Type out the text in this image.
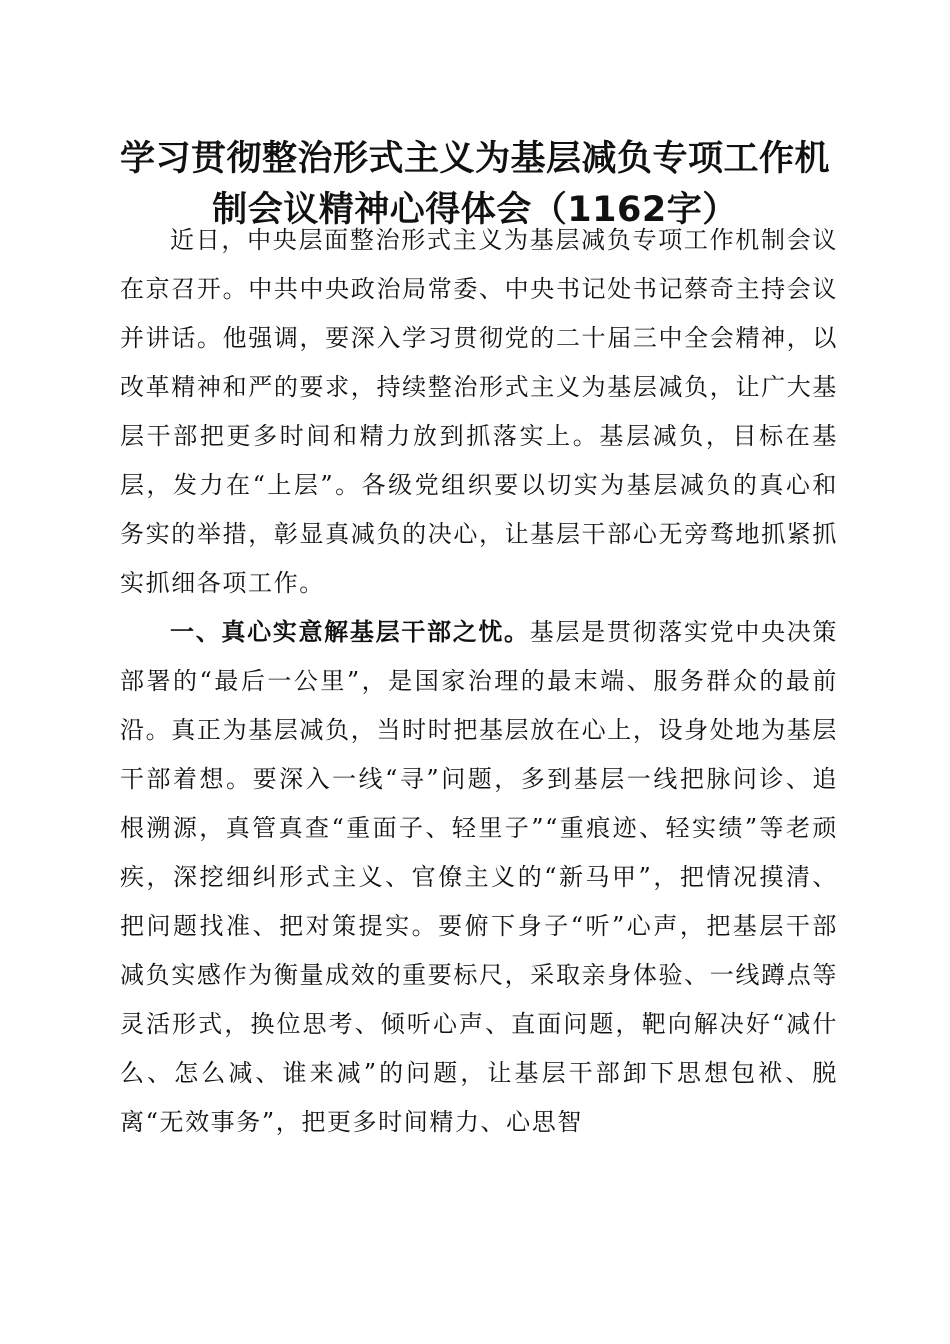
学习贯彻整治形式主义为基层减负专项工作机
制会议精神心得体会（1162字）

近日，中央层面整治形式主义为基层减负专项工作机制会议在京召开。中共中央政治局常委、中央书记处书记蔡奇主持会议并讲话。他强调，要深入学习贯彻党的二十届三中全会精神，以改革精神和严的要求，持续整治形式主义为基层减负，让广大基层干部把更多时间和精力放到抓落实上。基层减负，目标在基层，发力在“上层”。各级党组织要以切实为基层减负的真心和务实的举措，彰显真减负的决心，让基层干部心无旁骛地抓紧抓实抓细各项工作。

一、真心实意解基层干部之忧。基层是贯彻落实党中央决策部署的“最后一公里”，是国家治理的最末端、服务群众的最前沿。真正为基层减负，当时时把基层放在心上，设身处地为基层干部着想。要深入一线“寻”问题，多到基层一线把脉问诊、追根溯源，真管真查“重面子、轻里子”“重痕迹、轻实绩”等老顽疾，深挖细纠形式主义、官僚主义的“新马甲”，把情况摸清、把问题找准、把对策提实。要俯下身子“听”心声，把基层干部减负实感作为衡量成效的重要标尺，采取亲身体验、一线蹲点等灵活形式，换位思考、倾听心声、直面问题，靶向解决好“减什么、怎么减、谁来减”的问题，让基层干部卸下思想包袱、脱离“无效事务”，把更多时间精力、心思智
